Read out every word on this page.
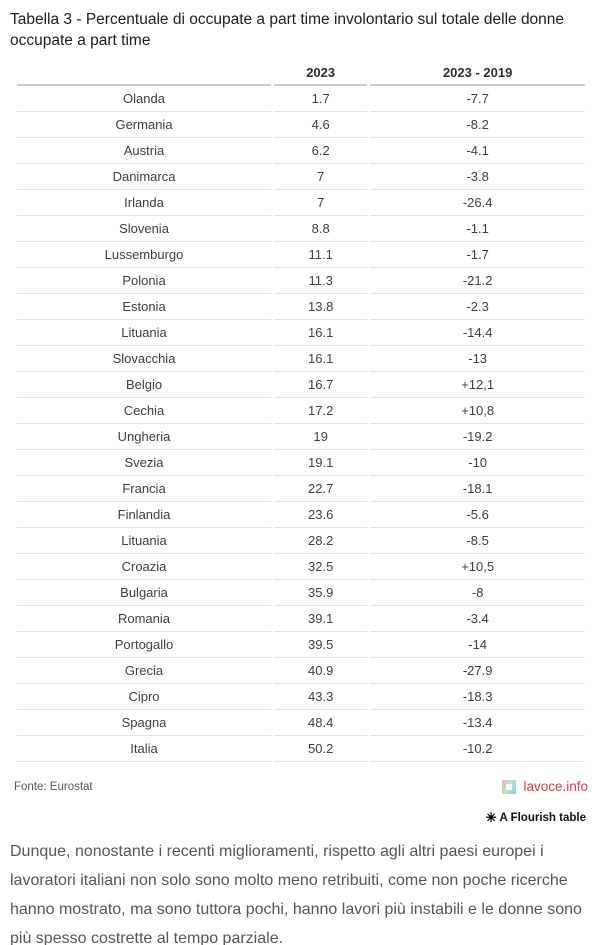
Tabella 3 - Percentuale di occupate a part time involontario sul totale delle donne occupate a part time
	2023	2023 - 2019
Olanda	1.7	-7.7
Germania	4.6	-8.2
Austria	6.2	-4.1
Danimarca	7	-3.8
Irlanda	7	-26.4
Slovenia	8.8	-1.1
Lussemburgo	11.1	-1.7
Polonia	11.3	-21.2
Estonia	13.8	-2.3
Lituania	16.1	-14.4
Slovacchia	16.1	-13
Belgio	16.7	+12,1
Cechia	17.2	+10,8
Ungheria	19	-19.2
Svezia	19.1	-10
Francia	22.7	-18.1
Finlandia	23.6	-5.6
Lituania	28.2	-8.5
Croazia	32.5	+10,5
Bulgaria	35.9	-8
Romania	39.1	-3.4
Portogallo	39.5	-14
Grecia	40.9	-27.9
Cipro	43.3	-18.3
Spagna	48.4	-13.4
Italia	50.2	-10.2
Fonte: Eurostat	lavoce.info
✳ A Flourish table

Dunque, nonostante i recenti miglioramenti, rispetto agli altri paesi europei i lavoratori italiani non solo sono molto meno retribuiti, come non poche ricerche hanno mostrato, ma sono tuttora pochi, hanno lavori più instabili e le donne sono più spesso costrette al tempo parziale.
